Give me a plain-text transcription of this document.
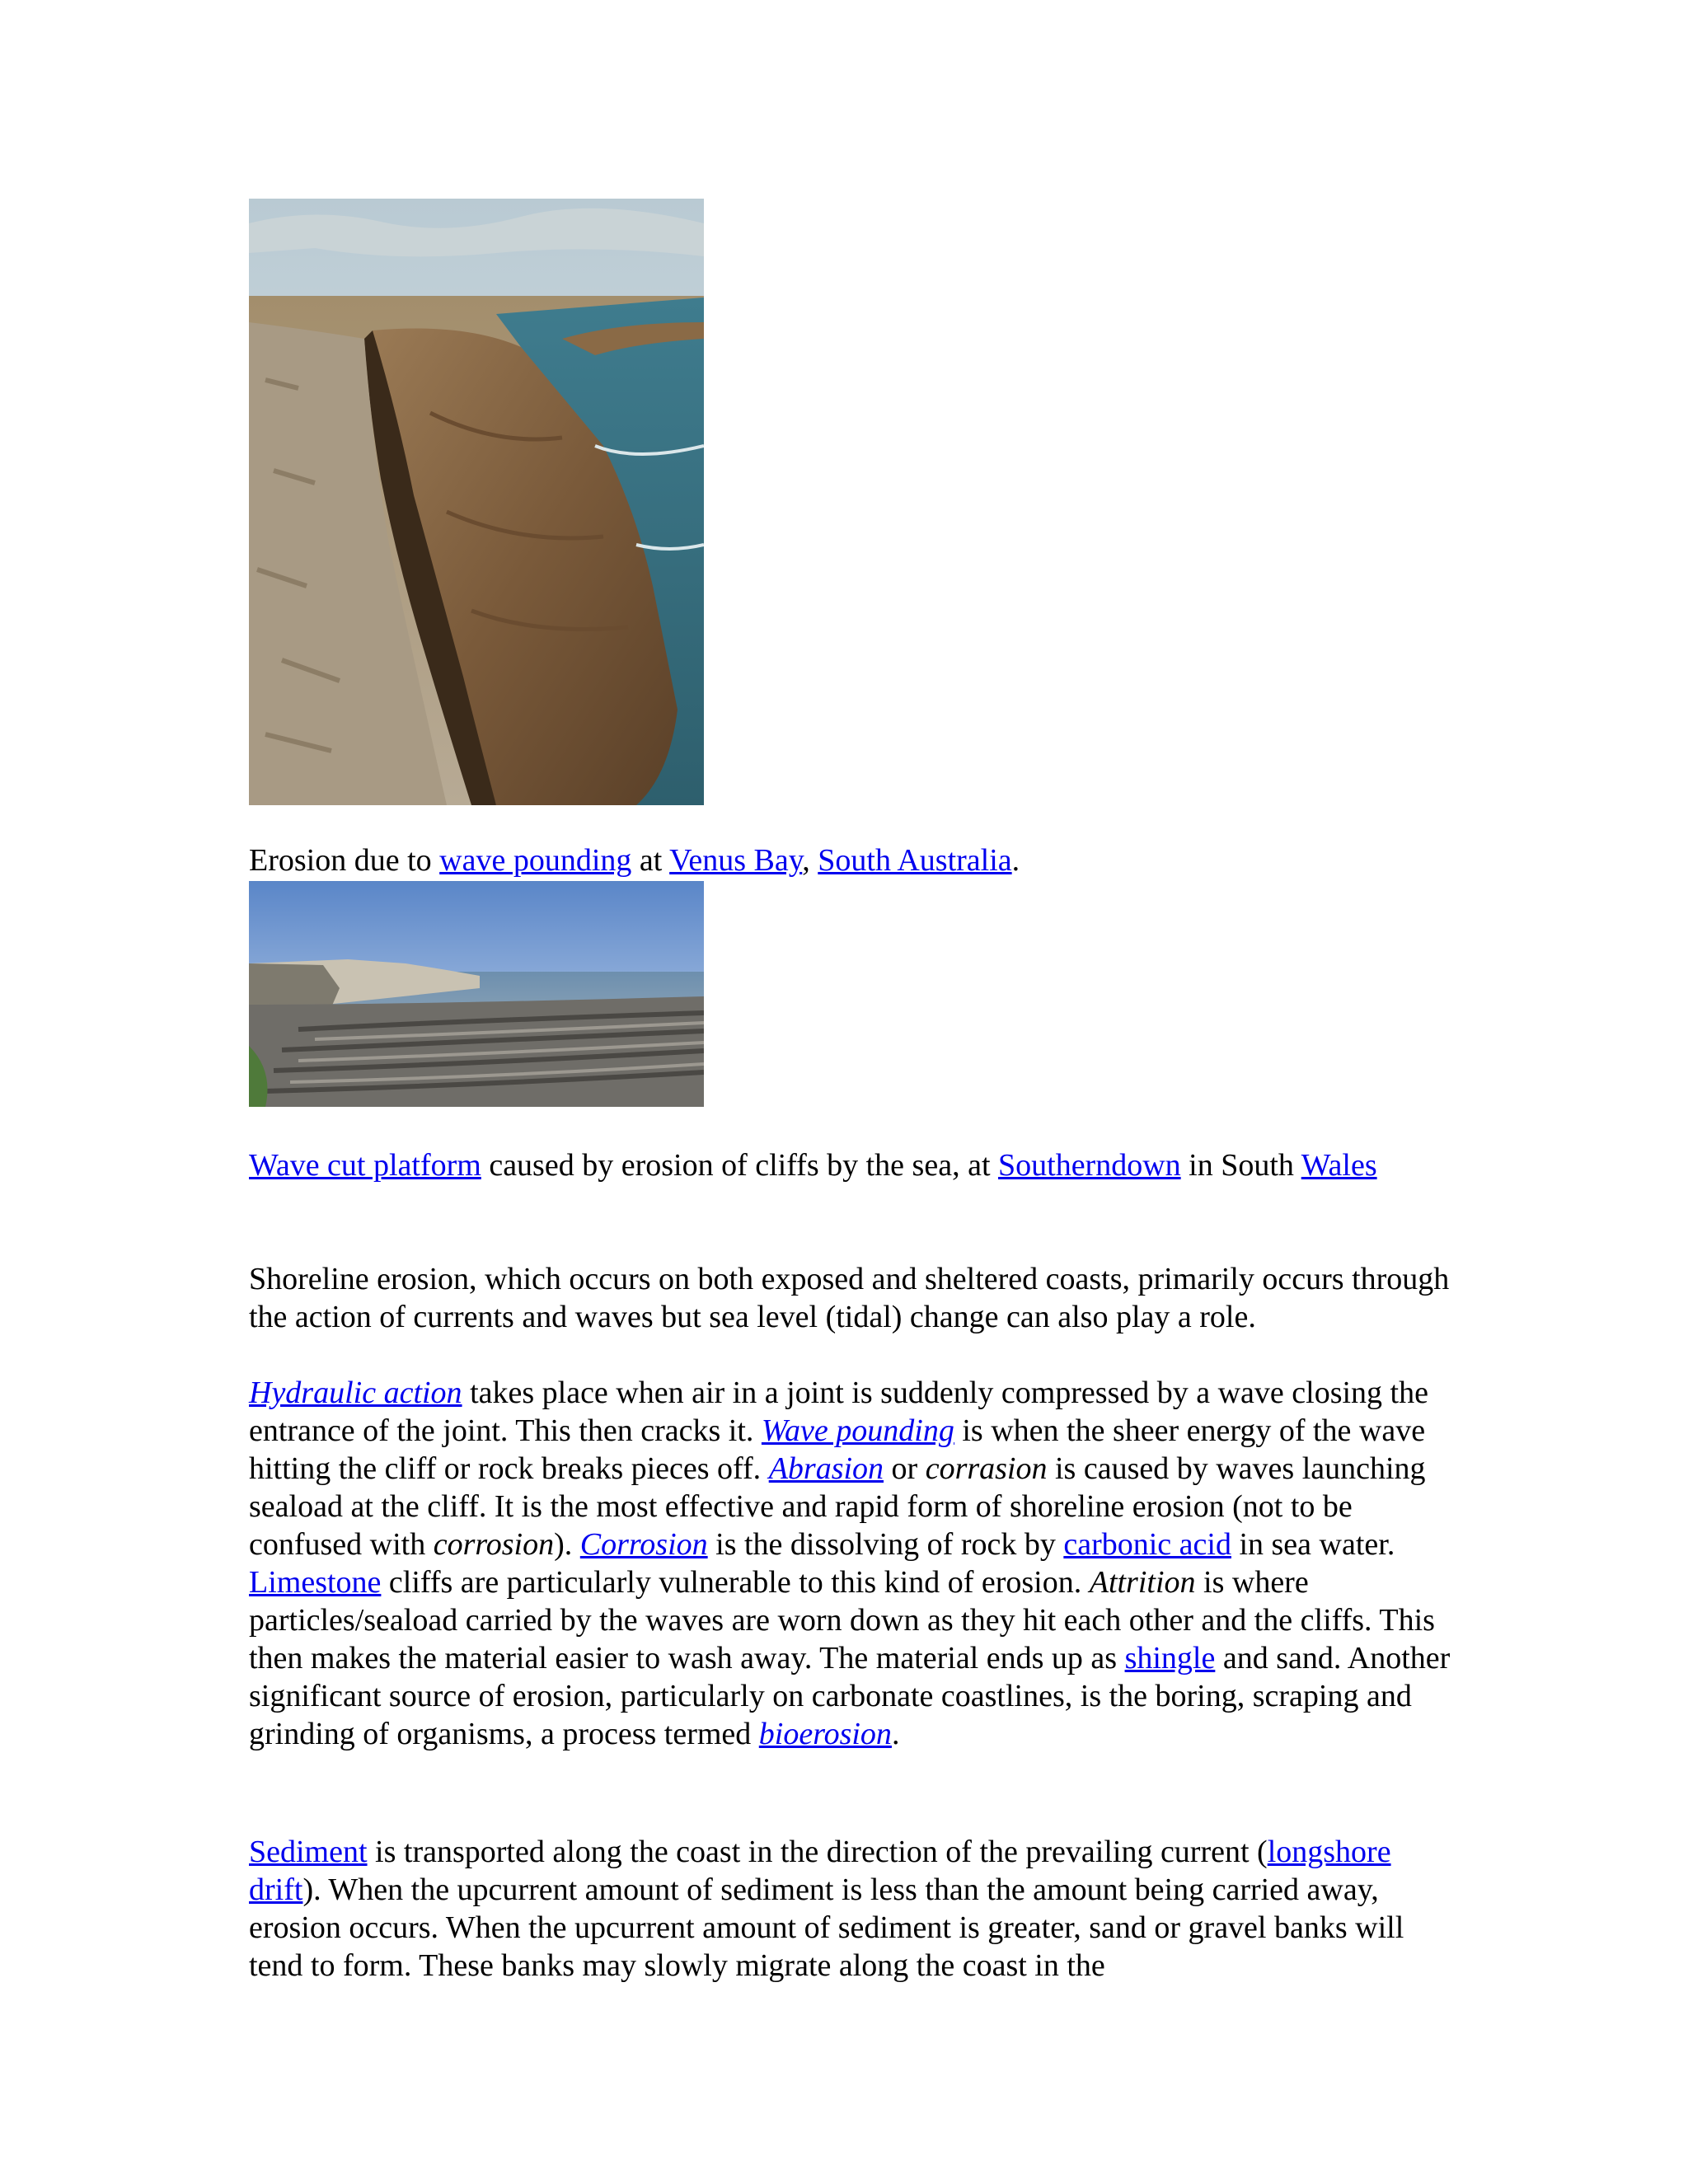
Erosion due to wave pounding at Venus Bay, South Australia.

Wave cut platform caused by erosion of cliffs by the sea, at Southerndown in South Wales

Shoreline erosion, which occurs on both exposed and sheltered coasts, primarily occurs through the action of currents and waves but sea level (tidal) change can also play a role.

Hydraulic action takes place when air in a joint is suddenly compressed by a wave closing the entrance of the joint. This then cracks it. Wave pounding is when the sheer energy of the wave hitting the cliff or rock breaks pieces off. Abrasion or corrasion is caused by waves launching seaload at the cliff. It is the most effective and rapid form of shoreline erosion (not to be confused with corrosion). Corrosion is the dissolving of rock by carbonic acid in sea water. Limestone cliffs are particularly vulnerable to this kind of erosion. Attrition is where particles/seaload carried by the waves are worn down as they hit each other and the cliffs. This then makes the material easier to wash away. The material ends up as shingle and sand. Another significant source of erosion, particularly on carbonate coastlines, is the boring, scraping and grinding of organisms, a process termed bioerosion.

Sediment is transported along the coast in the direction of the prevailing current (longshore drift). When the upcurrent amount of sediment is less than the amount being carried away, erosion occurs. When the upcurrent amount of sediment is greater, sand or gravel banks will tend to form. These banks may slowly migrate along the coast in the
